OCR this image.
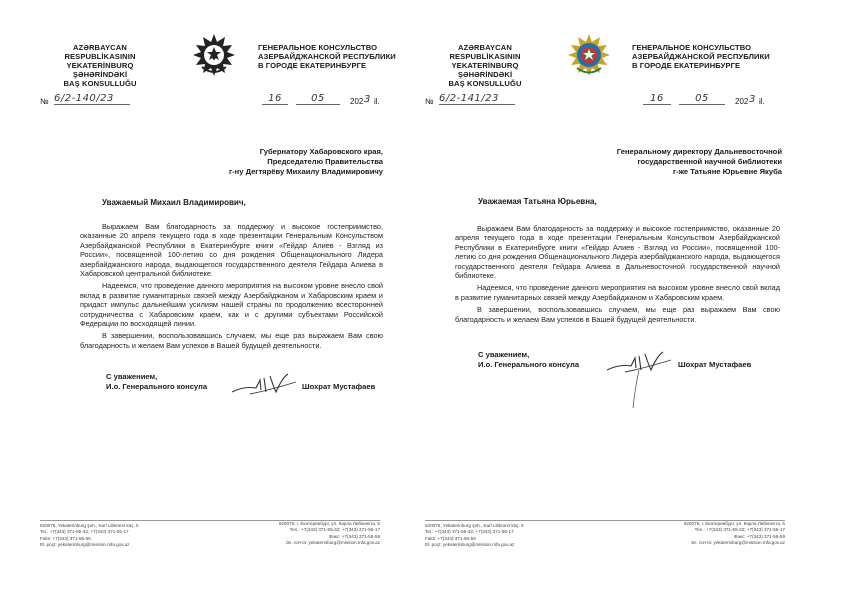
AZƏRBAYCAN RESPUBLİKASININ
YEKATERİNBURQ ŞƏHƏRİNDƏKİ
BAŞ KONSULLUĞU
ГЕНЕРАЛЬНОЕ КОНСУЛЬСТВО
АЗЕРБАЙДЖАНСКОЙ РЕСПУБЛИКИ
В ГОРОДЕ ЕКАТЕРИНБУРГЕ
№ 6/2-140/23	16	05	202 3 il.
Губернатору Хабаровского края,
Председателю Правительства
г-ну Дегтярёву Михаилу Владимировичу
Уважаемый Михаил Владимирович,

Выражаем Вам благодарность за поддержку и высокое гостеприимство, оказанные 20 апреля текущего года в ходе презентации Генеральным Консульством Азербайджанской Республики в Екатеринбурге книги «Гейдар Алиев - Взгляд из России», посвященной 100-летию со дня рождения Общенационального Лидера азербайджанского народа, выдающегося государственного деятеля Гейдара Алиева в Хабаровской центральной библиотеке.

Надеемся, что проведение данного мероприятия на высоком уровне внесло свой вклад в развитие гуманитарных связей между Азербайджаном и Хабаровским краем и придаст импульс дальнейшим усилиям нашей страны по продолжению всесторонней сотрудничества с Хабаровским краем, как и с другими субъектами Российской Федерации по восходящей линии.

В завершении, воспользовавшись случаем, мы еще раз выражаем Вам свою благодарность и желаем Вам успехов в Вашей будущей деятельности.

С уважением,
И.о. Генерального консула	Шохрат Мустафаев
620075, Yekaterinburg şəh., Karl Libknext küç. 5
Tel.: +7(343) 371-55-32; +7(343) 371-55-17
Faks: +7(343) 371-55-59
El. poçt: yekaterinburg@mission.mfa.gov.az
620075, г. Екатеринбург, ул. Карла Либкнехта, 5
Тел.: +7(343) 371-55-32; +7(343) 371-55-17
Факс: +7(343) 371-55-59
Эл. почта: yekaterinburg@mission.mfa.gov.az
AZƏRBAYCAN RESPUBLİKASININ
YEKATERİNBURQ ŞƏHƏRİNDƏKİ
BAŞ KONSULLUĞU
ГЕНЕРАЛЬНОЕ КОНСУЛЬСТВО
АЗЕРБАЙДЖАНСКОЙ РЕСПУБЛИКИ
В ГОРОДЕ ЕКАТЕРИНБУРГЕ
№ 6/2-141/23	16	05	202 3 il.
Генеральному директору Дальневосточной
государственной научной библиотеки
г-же Татьяне Юрьевне Якуба
Уважаемая Татьяна Юрьевна,

Выражаем Вам благодарность за поддержку и высокое гостеприимство, оказанные 20 апреля текущего года в ходе презентации Генеральным Консульством Азербайджанской Республики в Екатеринбурге книги «Гейдар Алиев - Взгляд из России», посвященной 100-летию со дня рождения Общенационального Лидера азербайджанского народа, выдающегося государственного деятеля Гейдара Алиева в Дальневосточной государственной научной библиотеке.

Надеемся, что проведение данного мероприятия на высоком уровне внесло свой вклад в развитие гуманитарных связей между Азербайджаном и Хабаровским краем.

В завершении, воспользовавшись случаем, мы еще раз выражаем Вам свою благодарность и желаем Вам успехов в Вашей будущей деятельности.

С уважением,
И.о. Генерального консула	Шохрат Мустафаев
620075, Yekaterinburg şəh., Karl Libknext küç. 5
Tel.: +7(343) 371-55-32; +7(343) 371-55-17
Faks: +7(343) 371-55-59
El. poçt: yekaterinburg@mission.mfa.gov.az
620075, г. Екатеринбург, ул. Карла Либкнехта, 5
Тел.: +7(343) 371-55-32; +7(343) 371-55-17
Факс: +7(343) 371-55-59
Эл. почта: yekaterinburg@mission.mfa.gov.az
